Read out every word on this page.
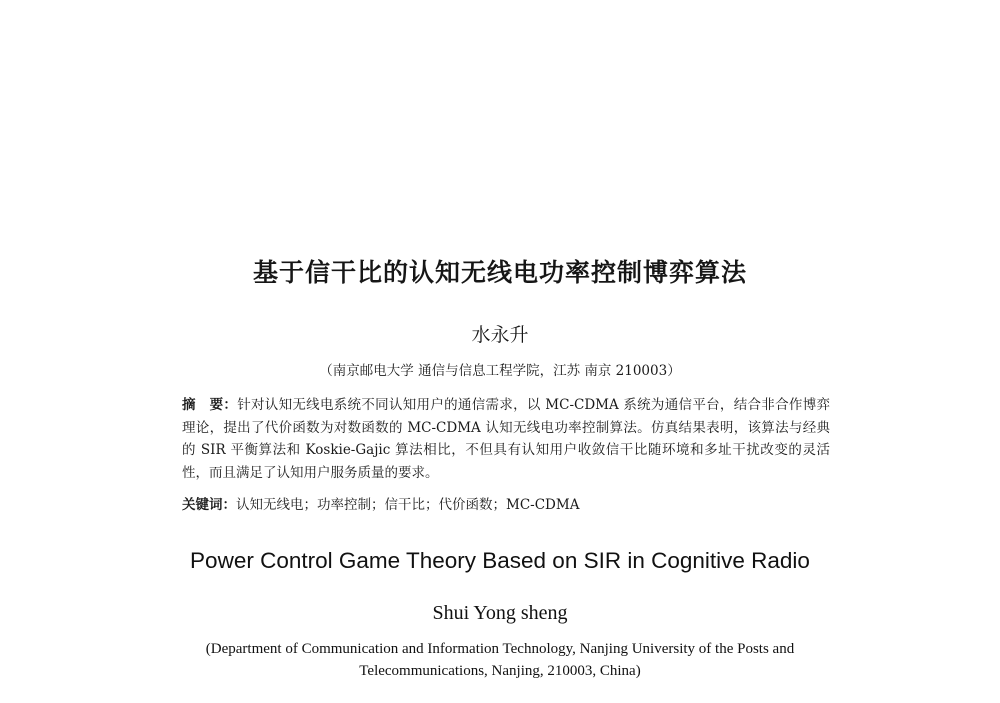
基于信干比的认知无线电功率控制博弈算法
水永升
（南京邮电大学 通信与信息工程学院，江苏 南京 210003）
摘　要：针对认知无线电系统不同认知用户的通信需求，以 MC-CDMA 系统为通信平台，结合非合作博弈理论，提出了代价函数为对数函数的 MC-CDMA 认知无线电功率控制算法。仿真结果表明，该算法与经典的 SIR 平衡算法和 Koskie-Gajic 算法相比，不但具有认知用户收敛信干比随环境和多址干扰改变的灵活性，而且满足了认知用户服务质量的要求。
关键词：认知无线电；功率控制；信干比；代价函数；MC-CDMA
Power Control Game Theory Based on SIR in Cognitive Radio
Shui Yong sheng
(Department of Communication and Information Technology, Nanjing University of the Posts and Telecommunications, Nanjing, 210003, China)
